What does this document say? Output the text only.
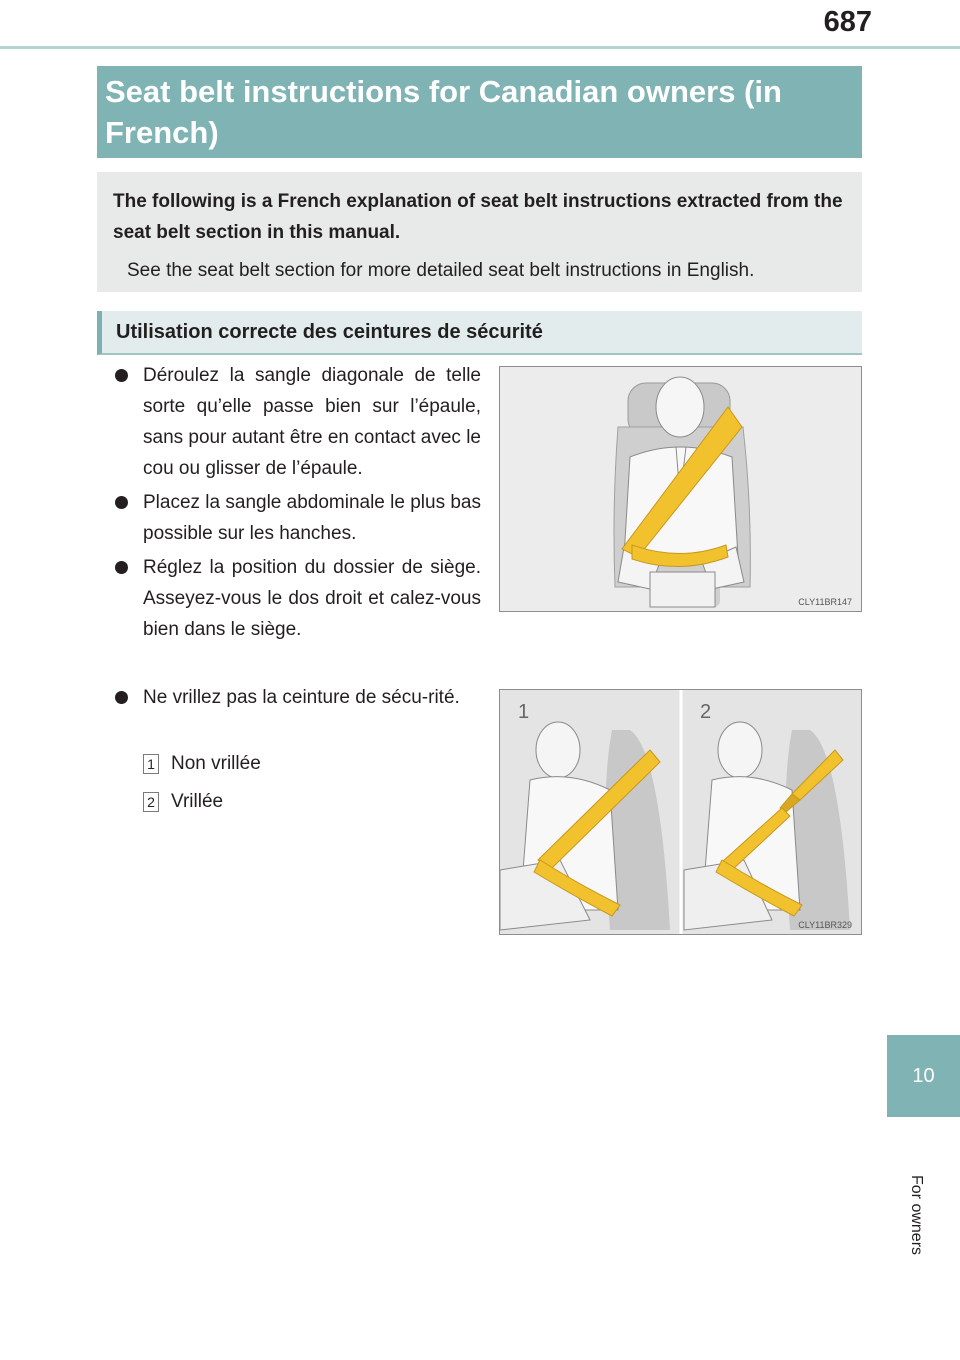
687
Seat belt instructions for Canadian owners (in French)

The following is a French explanation of seat belt instructions extracted from the seat belt section in this manual.

See the seat belt section for more detailed seat belt instructions in English.

Utilisation correcte des ceintures de sécurité
Déroulez la sangle diagonale de telle sorte qu’elle passe bien sur l’épaule, sans pour autant être en contact avec le cou ou glisser de l’épaule.
Placez la sangle abdominale le plus bas possible sur les hanches.
Réglez la position du dossier de siège. Asseyez-vous le dos droit et calez-vous bien dans le siège.
Ne vrillez pas la ceinture de sécu-rité.
1 Non vrillée
2 Vrillée
CLY11BR147
1	2
CLY11BR329
10
For owners
